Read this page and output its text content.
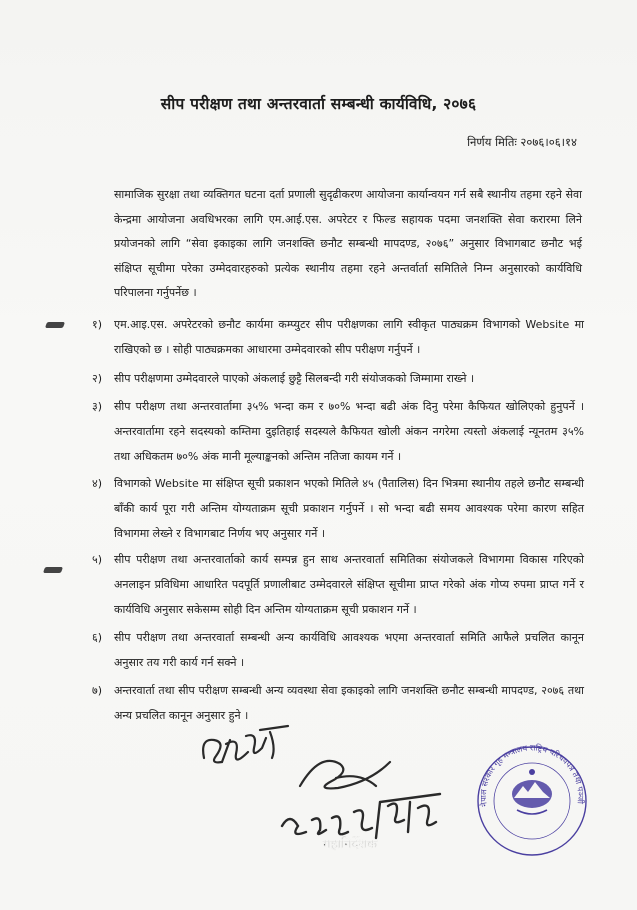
सीप परीक्षण तथा अन्तरवार्ता सम्बन्धी कार्यविधि, २०७६
निर्णय मितिः २०७६।०६।१४
सामाजिक सुरक्षा तथा व्यक्तिगत घटना दर्ता प्रणाली सुदृढीकरण आयोजना कार्यान्वयन गर्न सबै स्थानीय तहमा रहने सेवा केन्द्रमा आयोजना अवधिभरका लागि एम.आई.एस. अपरेटर र फिल्ड सहायक पदमा जनशक्ति सेवा करारमा लिने प्रयोजनको लागि “सेवा इकाइका लागि जनशक्ति छनौट सम्बन्धी मापदण्ड, २०७६” अनुसार विभागबाट छनौट भई संक्षिप्त सूचीमा परेका उम्मेदवारहरुको प्रत्येक स्थानीय तहमा रहने अन्तर्वार्ता समितिले निम्न अनुसारको कार्यविधि परिपालना गर्नुपर्नेछ ।
१)	एम.आइ.एस. अपरेटरको छनौट कार्यमा कम्प्युटर सीप परीक्षणका लागि स्वीकृत पाठ्यक्रम विभागको Website मा राखिएको छ । सोही पाठ्यक्रमका आधारमा उम्मेदवारको सीप परीक्षण गर्नुपर्ने ।
२)	सीप परीक्षणमा उम्मेदवारले पाएको अंकलाई छुट्टै सिलबन्दी गरी संयोजकको जिम्मामा राख्ने ।
३)	सीप परीक्षण तथा अन्तरवार्तामा ३५% भन्दा कम र ७०% भन्दा बढी अंक दिनु परेमा कैफियत खोलिएको हुनुपर्ने । अन्तरवार्तामा रहने सदस्यको कम्तिमा दुइतिहाई सदस्यले कैफियत खोली अंकन नगरेमा त्यस्तो अंकलाई न्यूनतम ३५% तथा अधिकतम ७०% अंक मानी मूल्याङ्कनको अन्तिम नतिजा कायम गर्ने ।
४)	विभागको Website मा संक्षिप्त सूची प्रकाशन भएको मितिले ४५ (पैतालिस) दिन भित्रमा स्थानीय तहले छनौट सम्बन्धी बाँकी कार्य पूरा गरी अन्तिम योग्यताक्रम सूची प्रकाशन गर्नुपर्ने । सो भन्दा बढी समय आवश्यक परेमा कारण सहित विभागमा लेख्ने र विभागबाट निर्णय भए अनुसार गर्ने ।
५)	सीप परीक्षण तथा अन्तरवार्ताको कार्य सम्पन्न हुन साथ अन्तरवार्ता समितिका संयोजकले विभागमा विकास गरिएको अनलाइन प्रविधिमा आधारित पदपूर्ति प्रणालीबाट उम्मेदवारले संक्षिप्त सूचीमा प्राप्त गरेको अंक गोप्य रुपमा प्राप्त गर्ने र कार्यविधि अनुसार सकेसम्म सोही दिन अन्तिम योग्यताक्रम सूची प्रकाशन गर्ने ।
६)	सीप परीक्षण तथा अन्तरवार्ता सम्बन्धी अन्य कार्यविधि आवश्यक भएमा अन्तरवार्ता समिति आफैले प्रचलित कानून अनुसार तय गरी कार्य गर्न सक्ने ।
७)	अन्तरवार्ता तथा सीप परीक्षण सम्बन्धी अन्य व्यवस्था सेवा इकाइको लागि जनशक्ति छनौट सम्बन्धी मापदण्ड, २०७६ तथा अन्य प्रचलित कानून अनुसार हुने ।
महानिर्देशक
नेपाल सरकार गृह मन्त्रालय राष्ट्रिय परिचयपत्र तथा पञ्जी
